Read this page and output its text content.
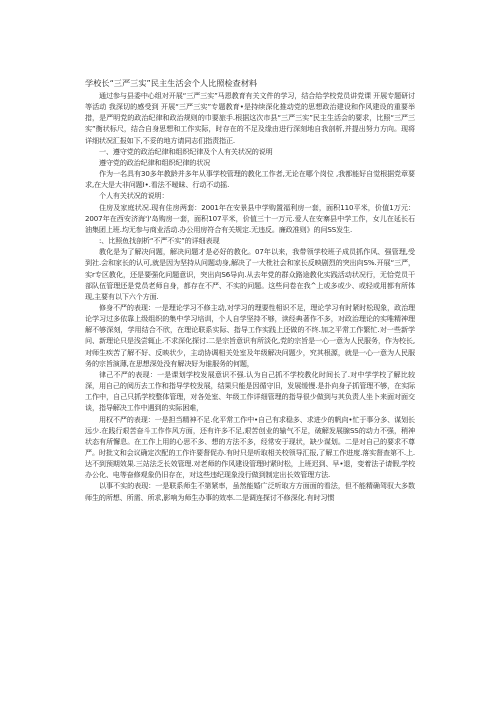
学校长“三严三实”民主生活会个人比照检查材料

通过参与县委中心组对开展“三严三实”马恩教育有关文件的学习，结合给学校党员讲党课 开展专题研讨等活动 我深切的感受到 开展“三严三实”专题教育•是持续深化推动党的思想政治建设和作风建设的重要举措，是严明党的政治纪律和政治规则的巾要旅手.根据这次市县“三严三实”民主生活会的要求，比照“三严三实”衡状标尺，结合自身思想和工作实际，时存在的不足及缘由进行深刻地自我剖析,并提出努力方向。现将详细状况汇报如下,不妥的地方请同志们指责指正.

一、遵守党的政治纪律和组织纪律及个人有关状况的说明

遵守党的政治纪律和组织纪律的状况

作为一名具有30多年教龄并多年从事学校管理的教化工作者,无论在哪个岗位 ,我都能好自觉根据党章要求,在大是大非问题I•.看法不暧昧、行动不动摇.

个人有关状况的说明：

住房及家庭状况.现有住房两套：2001年在安景县中学购置福利房一套，面积110平米，价值1万元：2007年在西安济海')'岛购房一套，面积107平米，价值三十一万元.爱人在安寨县中学工作，女儿在延长石油集团上班.均无参与商业活动.办公用房符合有关规定.无违反。廉政准则》的问SS发生.

:、比照鱼找剖析“不严不实”的详细表现

教化是为了解决问题，解决问题才是必好的教化。07年以来，我带领学校班子成员抓作风、强管理,受到社.会和家长的认可,就是因为坚持从问题动身,解决了一大枇社会和家长反映剧烈的突出向S%.开展“三严，实r专区教化，还是要强化问题意识，突出向S6导向.从去年党的群众路途教化实践活动状况行，无恰党员干部队伍管理还是党员老师自身，都存在不严、不实的问题。这些问卷在我^上或多或少、或轻或用都有所体现,主要有以下六个方面.

修身不严的表现：一是理论学习不修主动,对学习的理要性相识不足，理论学习有时紧时松现象，政治理论学习过多依靠上级组织的集中学习培训，个人自学坚持不够，读经典著作不多，对政治理论的实唯精神理解不够深刻，学用结合不欣，在理论联系实际、指导工作实践上还做的不终.加之平常工作繁忙.对一些新学问、新理论只是浅尝辄止.不求深化探讨.二是宗旨意识有所淡化,党的宗旨是一心一意为人民服务，作为校长,对师生疾苦了解不好、反映状少，主动协调相关处室及年级解决问题少，究其根源，就是一心一意为人民服务的宗旨演薄,在思想深处没有解决好为谁服务的何题，

律己不严的表现：一是课划学校发展意识不强.认为自己抓不学校教化时间长了.对中学学校了解比较深，用自己的阅历去工作和指导学校发展，结果只能是因循守旧，发展缓慢.是扑向身子抓管理不够，在实际工作中，自己只抓学校整体管理，对各处室、年级工作详细管理的指导很少做到与其负责人坐卜来面对面交谈，指导解决工作中遇到的实际困难，

用权不严的表现：一是担当精神不足.化平常工作中•自己有求稳多、求进少的帆向•忙于事分多、谋划长远少.在践行艰苦奋斗工作作风方面，还有许多不足,艰苦创业的输气不足，破解发展腺SS的动力不强，稍神状态有所懈息。在工作上用的心思不多、想的方法不多，经常安于现状，缺少谋划。二是对自己的要求不尊严。时批文和会议确定次配的工作许要督促办.有时只是听取相关校领导汇报,了解工作进度.落实督查第不.上.达不到预期效果.三站法乏长效管理.对老师的作风建设管理时紧时松，上班迟到、早•退，变着法子请假,学校办公化、电等奋修观象仍旧存在，对这些违纪现象没行做到制定出长效管理方法.

以事不实的表现：一是联系师生不第紧率，虽然能婚广泛听取方方面面的看法，但不能精确驾驭大多数师生的所想、所需、所求,影响为师生办事的效率.二是调连探讨不修深化.有时习惯
